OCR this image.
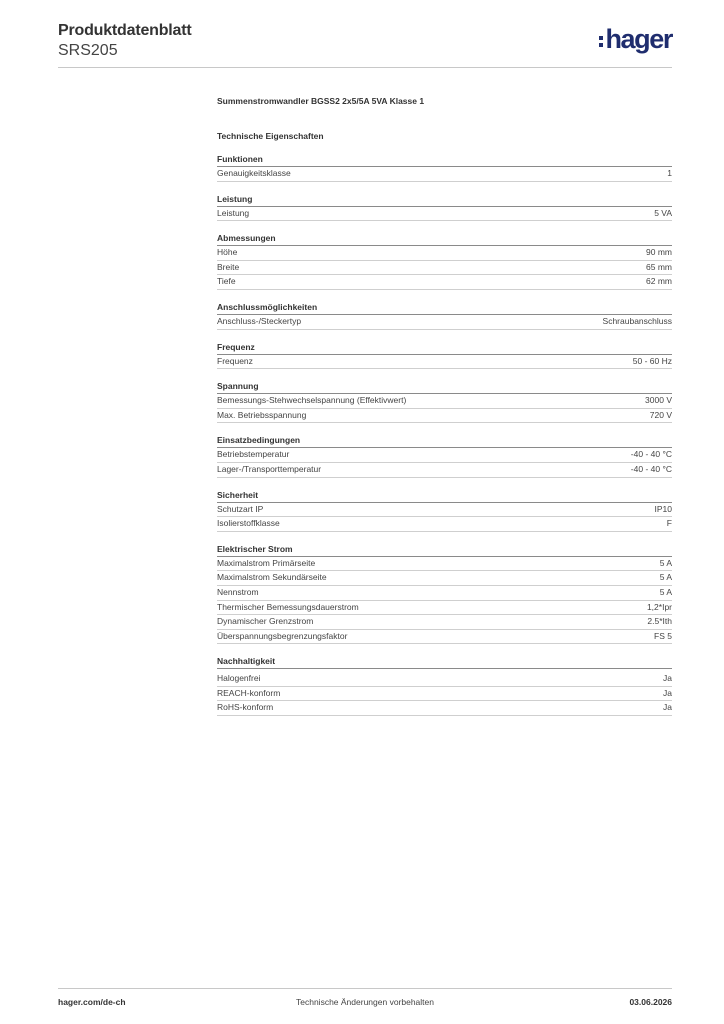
Produktdatenblatt
SRS205	hager
Summenstromwandler BGSS2 2x5/5A 5VA Klasse 1
Technische Eigenschaften
Funktionen
Genauigkeitsklasse	1
Leistung
Leistung	5 VA
Abmessungen
Höhe	90 mm
Breite	65 mm
Tiefe	62 mm
Anschlussmöglichkeiten
Anschluss-/Steckertyp	Schraubanschluss
Frequenz
Frequenz	50 - 60 Hz
Spannung
Bemessungs-Stehwechselspannung (Effektivwert)	3000 V
Max. Betriebsspannung	720 V
Einsatzbedingungen
Betriebstemperatur	-40 - 40 °C
Lager-/Transporttemperatur	-40 - 40 °C
Sicherheit
Schutzart IP	IP10
Isolierstoffklasse	F
Elektrischer Strom
Maximalstrom Primärseite	5 A
Maximalstrom Sekundärseite	5 A
Nennstrom	5 A
Thermischer Bemessungsdauerstrom	1,2*Ipr
Dynamischer Grenzstrom	2.5*Ith
Überspannungsbegrenzungsfaktor	FS 5
Nachhaltigkeit
Halogenfrei	Ja
REACH-konform	Ja
RoHS-konform	Ja
hager.com/de-ch	Technische Änderungen vorbehalten	03.06.2026
